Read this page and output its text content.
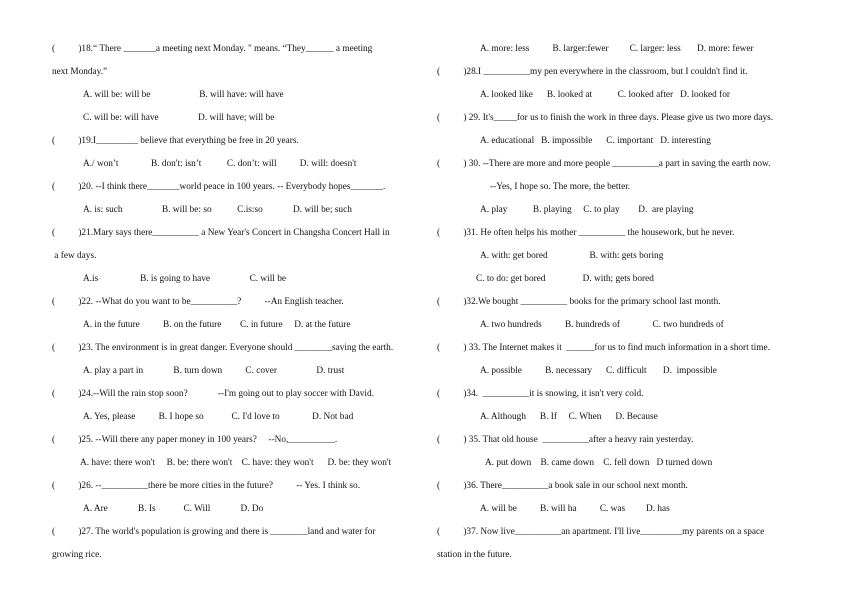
(          )18.“ There _______a meeting next Monday. " means. “They______ a meeting
next Monday.”
A. will be: will be                     B. will have: will have
C. will be: will have                 D. will have; will be
(          )19.I_________ believe that everything be free in 20 years.
A./ won’t              B. don't: isn’t           C. don’t: will          D. will: doesn't
(          )20. --I think there_______world peace in 100 years. -- Everybody hopes_______.
A. is: such                 B. will be: so           C.is:so             D. will be; such
(          )21.Mary says there__________ a New Year's Concert in Changsha Concert Hall in
a few days.
A.is                  B. is going to have                 C. will be
(          )22. --What do you want to be__________?          --An English teacher.
A. in the future          B. on the future        C. in future     D. at the future
(          )23. The environment is in great danger. Everyone should ________saving the earth.
A. play a part in             B. turn down          C. cover                 D. trust
(          )24.--Will the rain stop soon?             --I'm going out to play soccer with David.
A. Yes, please          B. I hope so            C. I'd love to              D. Not bad
(          )25. --Will there any paper money in 100 years?     --No,__________.
A. have: there won't     B. be: there won't    C. have: they won't      D. be: they won't
(          )26. --__________there be more cities in the future?          -- Yes. I think so.
A. Are             B. Is            C. Will             D. Do
(          )27. The world's population is growing and there is ________land and water for
growing rice.
A. more: less          B. larger:fewer         C. larger: less       D. more: fewer
(          )28.I __________my pen everywhere in the classroom, but I couldn't find it.
A. looked like      B. looked at           C. looked after   D. looked for
(          ) 29. It's_____for us to finish the work in three days. Please give us two more days.
A. educational   B. impossible      C. important   D. interesting
(          ) 30. --There are more and more people __________a part in saving the earth now.
--Yes, I hope so. The more, the better.
A. play           B. playing     C. to play        D.  are playing
(          )31. He often helps his mother __________ the housework, but he never.
A. with: get bored                  B. with: gets boring
C. to do: get bored                D. with; gets bored
(          )32.We bought __________ books for the primary school last month.
A. two hundreds          B. hundreds of              C. two hundreds of
(          ) 33. The Internet makes it  ______for us to find much information in a short time.
A. possible          B. necessary      C. difficult       D.  impossible
(          )34.  __________it is snowing, it isn't very cold.
A. Although      B. If     C. When      D. Because
(          ) 35. That old house  __________after a heavy rain yesterday.
A. put down    B. came down    C. fell down   D turned down
(          )36. There__________a book sale in our school next month.
A. will be          B. will ha          C. was         D. has
(          )37. Now live__________an apartment. I'll live_________my parents on a space
station in the future.
